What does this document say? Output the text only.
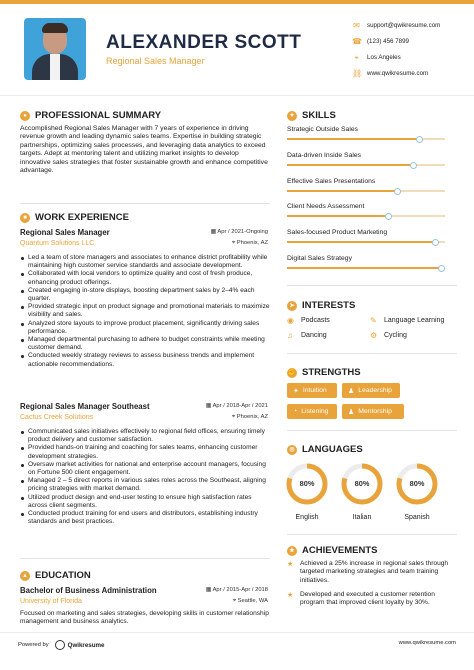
ALEXANDER SCOTT
Regional Sales Manager
✉ support@qwikresume.com
☎ (123) 456 7899
⌖	Los Angeles
⛓ www.qwikresume.com
● PROFESSIONAL SUMMARY
Accomplished Regional Sales Manager with 7 years of experience in driving revenue growth and leading dynamic sales teams. Expertise in building strategic partnerships, optimizing sales processes, and leveraging data analytics to exceed targets. Adept at mentoring talent and utilizing market insights to develop innovative sales strategies that foster sustainable growth and enhance competitive advantage.
■ WORK EXPERIENCE
Regional Sales Manager
Quantum Solutions LLC
▦ Apr / 2021-Ongoing
⌖ Phoenix, AZ
Led a team of store managers and associates to enhance district profitability while maintaining high customer service standards and associate development.
Collaborated with local vendors to optimize quality and cost of fresh produce, enhancing product offerings.
Created engaging in-store displays, boosting department sales by 2–4% each quarter.
Provided strategic input on product signage and promotional materials to maximize visibility and sales.
Analyzed store layouts to improve product placement, significantly driving sales performance.
Managed departmental purchasing to adhere to budget constraints while meeting customer demand.
Conducted weekly strategy reviews to assess business trends and implement actionable recommendations.
Regional Sales Manager Southeast
Cactus Creek Solutions
▦ Apr / 2018-Apr / 2021
⌖ Phoenix, AZ
Communicated sales initiatives effectively to regional field offices, ensuring timely product delivery and customer satisfaction.
Provided hands-on training and coaching for sales teams, enhancing customer development strategies.
Oversaw market activities for national and enterprise account managers, focusing on Fortune 500 client engagement.
Managed 2 – 5 direct reports in various sales roles across the Southeast, aligning pricing strategies with market demand.
Utilized product design and end-user testing to ensure high satisfaction rates across client segments.
Conducted product training for end users and distributors, establishing industry standards and best practices.
▲ EDUCATION
Bachelor of Business Administration
University of Florida
▦ Apr / 2015-Apr / 2018
⌖ Seattle, WA
Focused on marketing and sales strategies, developing skills in customer relationship management and business analytics.
✦ SKILLS
Strategic Outside Sales
Data-driven Inside Sales
Effective Sales Presentations
Client Needs Assessment
Sales-focused Product Marketing
Digital Sales Strategy
➤ INTERESTS
◉	Podcasts	✎	Language Learning
♫	Dancing	⚙ Cycling
✊ STRENGTHS
✦ Intuition	♟ Leadership
◔ Listening	♟ Mentorship
◎ LANGUAGES
80%
English
80%
Italian
80%
Spanish
★ ACHIEVEMENTS
★	Achieved a 25% increase in regional sales through targeted marketing strategies and team training initiatives.
★	Developed and executed a customer retention program that improved client loyalty by 30%.
Powered by	Qwikresume	www.qwikresume.com
